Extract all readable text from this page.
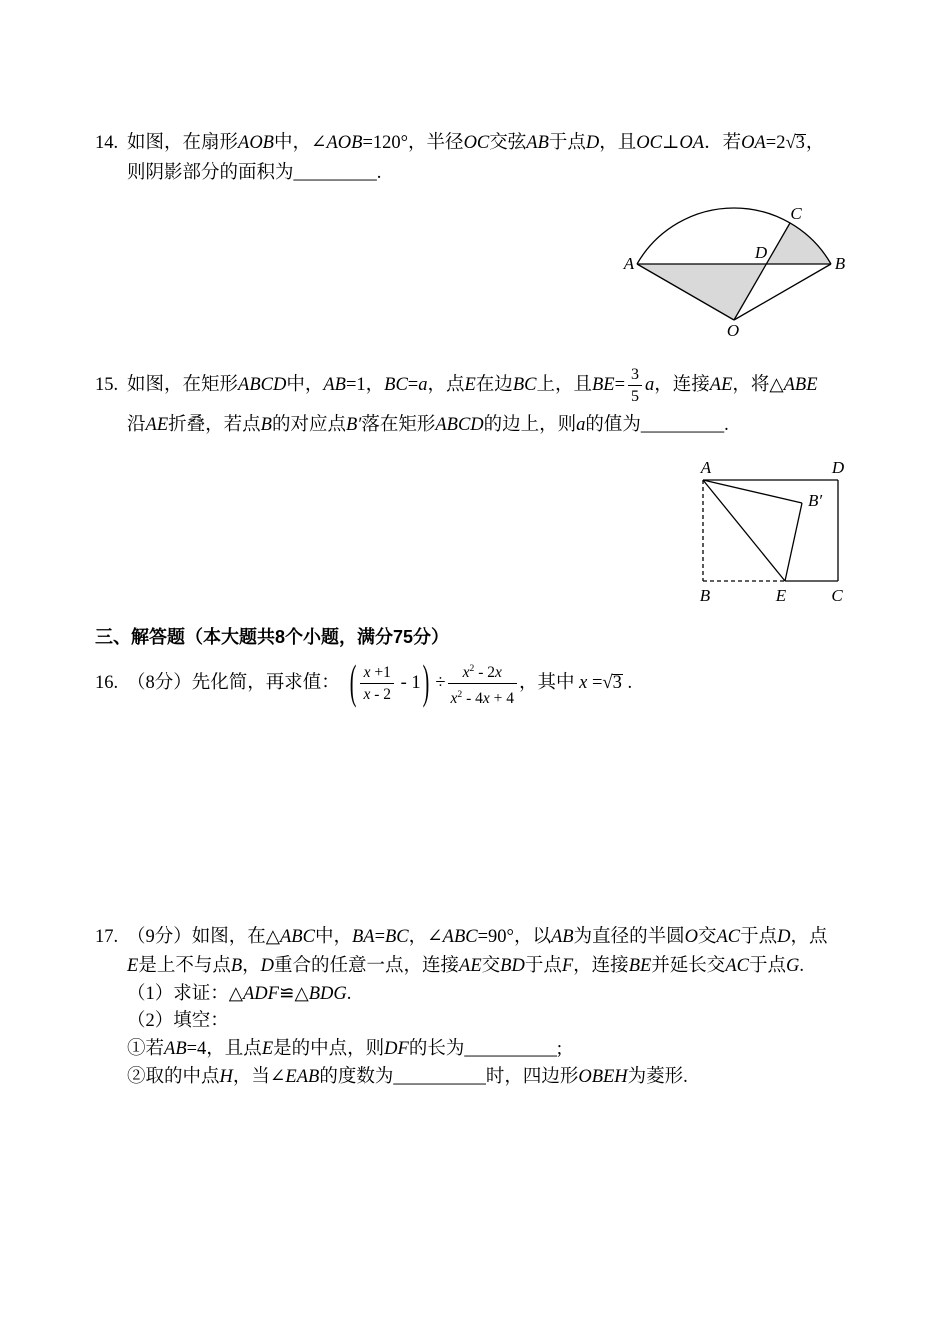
14. 如图，在扇形AOB中，∠AOB=120°，半径OC交弦AB于点D，且OC⊥OA．若OA=2√3，
则阴影部分的面积为_________.
A	B
C
D
O
15. 如图，在矩形ABCD中，AB=1，BC=a，点E在边BC上，且$BE= \frac{3}{5}$ a，连接AE，将△ABE
沿AE折叠，若点B的对应点B′落在矩形ABCD的边上，则a的值为_________.
A	D
B′
B	E	C
三、解答题（本大题共8个小题，满分75分）
16. （8分）先化简，再求值： ( $\frac{x +1}{x - 2} - 1$ ) ÷ $\frac{x^2 - 2x}{x^2 - 4x + 4}$ ，其中 x =√3 .
17. （9分）如图，在△ABC中，BA=BC，∠ABC=90°，以AB为直径的半圆O交AC于点D，点
E是上不与点B，D重合的任意一点，连接AE交BD于点F，连接BE并延长交AC于点G.
（1）求证：△ADF≌△BDG.
（2）填空：
①若AB=4，且点E是的中点，则DF的长为__________;
②取的中点H，当∠EAB的度数为__________时，四边形OBEH为菱形.
